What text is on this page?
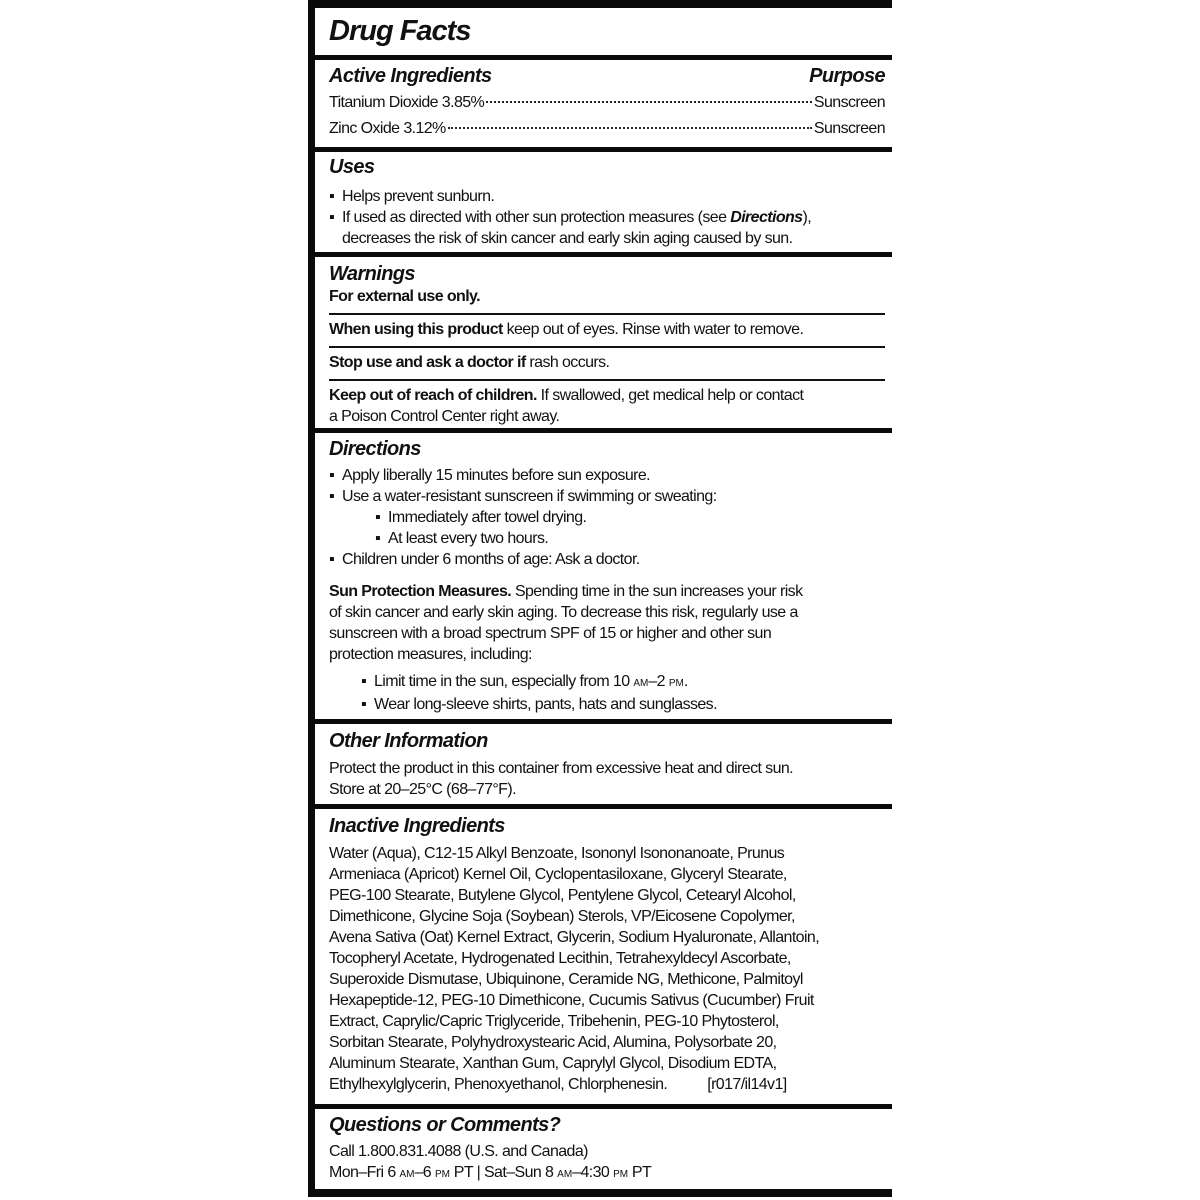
Drug Facts
Active Ingredients	Purpose
Titanium Dioxide 3.85%	Sunscreen
Zinc Oxide 3.12%	Sunscreen
Uses
▪ Helps prevent sunburn.
▪ If used as directed with other sun protection measures (see Directions),
decreases the risk of skin cancer and early skin aging caused by sun.
Warnings
For external use only.
When using this product keep out of eyes. Rinse with water to remove.
Stop use and ask a doctor if rash occurs.
Keep out of reach of children. If swallowed, get medical help or contact
a Poison Control Center right away.
Directions
▪ Apply liberally 15 minutes before sun exposure.
▪ Use a water-resistant sunscreen if swimming or sweating:
▪ Immediately after towel drying.
▪ At least every two hours.
▪ Children under 6 months of age: Ask a doctor.
Sun Protection Measures. Spending time in the sun increases your risk
of skin cancer and early skin aging. To decrease this risk, regularly use a
sunscreen with a broad spectrum SPF of 15 or higher and other sun
protection measures, including:
▪ Limit time in the sun, especially from 10 AM–2 PM.
▪ Wear long-sleeve shirts, pants, hats and sunglasses.
Other Information
Protect the product in this container from excessive heat and direct sun.
Store at 20–25°C (68–77°F).
Inactive Ingredients
Water (Aqua), C12-15 Alkyl Benzoate, Isononyl Isononanoate, Prunus
Armeniaca (Apricot) Kernel Oil, Cyclopentasiloxane, Glyceryl Stearate,
PEG-100 Stearate, Butylene Glycol, Pentylene Glycol, Cetearyl Alcohol,
Dimethicone, Glycine Soja (Soybean) Sterols, VP/Eicosene Copolymer,
Avena Sativa (Oat) Kernel Extract, Glycerin, Sodium Hyaluronate, Allantoin,
Tocopheryl Acetate, Hydrogenated Lecithin, Tetrahexyldecyl Ascorbate,
Superoxide Dismutase, Ubiquinone, Ceramide NG, Methicone, Palmitoyl
Hexapeptide-12, PEG-10 Dimethicone, Cucumis Sativus (Cucumber) Fruit
Extract, Caprylic/Capric Triglyceride, Tribehenin, PEG-10 Phytosterol,
Sorbitan Stearate, Polyhydroxystearic Acid, Alumina, Polysorbate 20,
Aluminum Stearate, Xanthan Gum, Caprylyl Glycol, Disodium EDTA,
Ethylhexylglycerin, Phenoxyethanol, Chlorphenesin.	[r017/il14v1]
Questions or Comments?
Call 1.800.831.4088 (U.S. and Canada)
Mon–Fri 6 AM–6 PM PT | Sat–Sun 8 AM–4:30 PM PT
